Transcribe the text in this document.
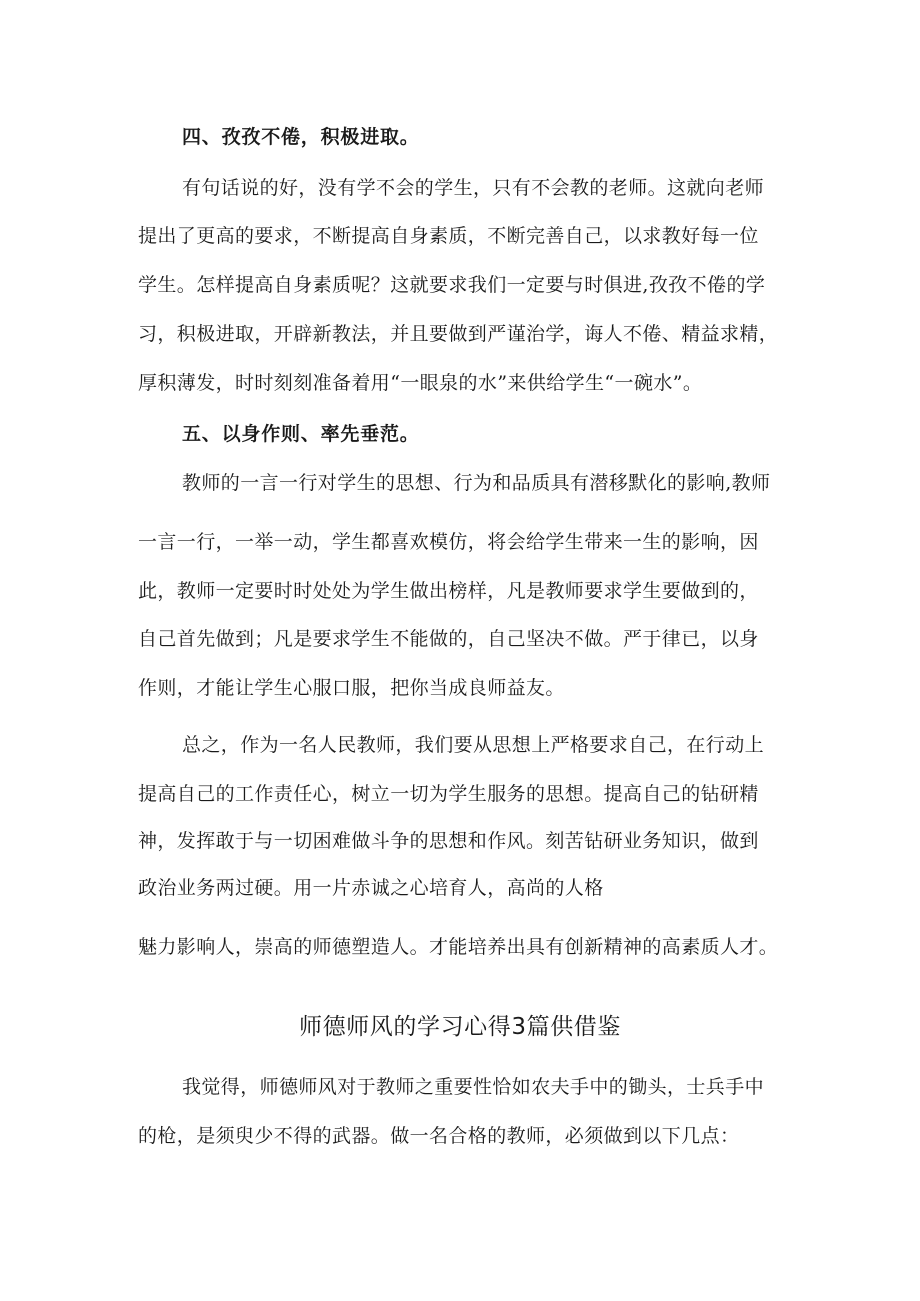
四、孜孜不倦，积极进取。
有句话说的好，没有学不会的学生，只有不会教的老师。这就向老师
提出了更高的要求，不断提高自身素质，不断完善自己，以求教好每一位
学生。怎样提高自身素质呢？这就要求我们一定要与时俱进,孜孜不倦的学
习，积极进取，开辟新教法，并且要做到严谨治学，诲人不倦、精益求精，
厚积薄发，时时刻刻准备着用“一眼泉的水”来供给学生“一碗水”。
五、以身作则、率先垂范。
教师的一言一行对学生的思想、行为和品质具有潜移默化的影响,教师
一言一行，一举一动，学生都喜欢模仿，将会给学生带来一生的影响，因
此，教师一定要时时处处为学生做出榜样，凡是教师要求学生要做到的，
自己首先做到；凡是要求学生不能做的，自己坚决不做。严于律已，以身
作则，才能让学生心服口服，把你当成良师益友。
总之，作为一名人民教师，我们要从思想上严格要求自己，在行动上
提高自己的工作责任心，树立一切为学生服务的思想。提高自己的钻研精
神，发挥敢于与一切困难做斗争的思想和作风。刻苦钻研业务知识，做到
政治业务两过硬。用一片赤诚之心培育人，高尚的人格
魅力影响人，崇高的师德塑造人。才能培养出具有创新精神的高素质人才。
师德师风的学习心得3篇供借鉴
我觉得，师德师风对于教师之重要性恰如农夫手中的锄头，士兵手中
的枪，是须臾少不得的武器。做一名合格的教师，必须做到以下几点：
